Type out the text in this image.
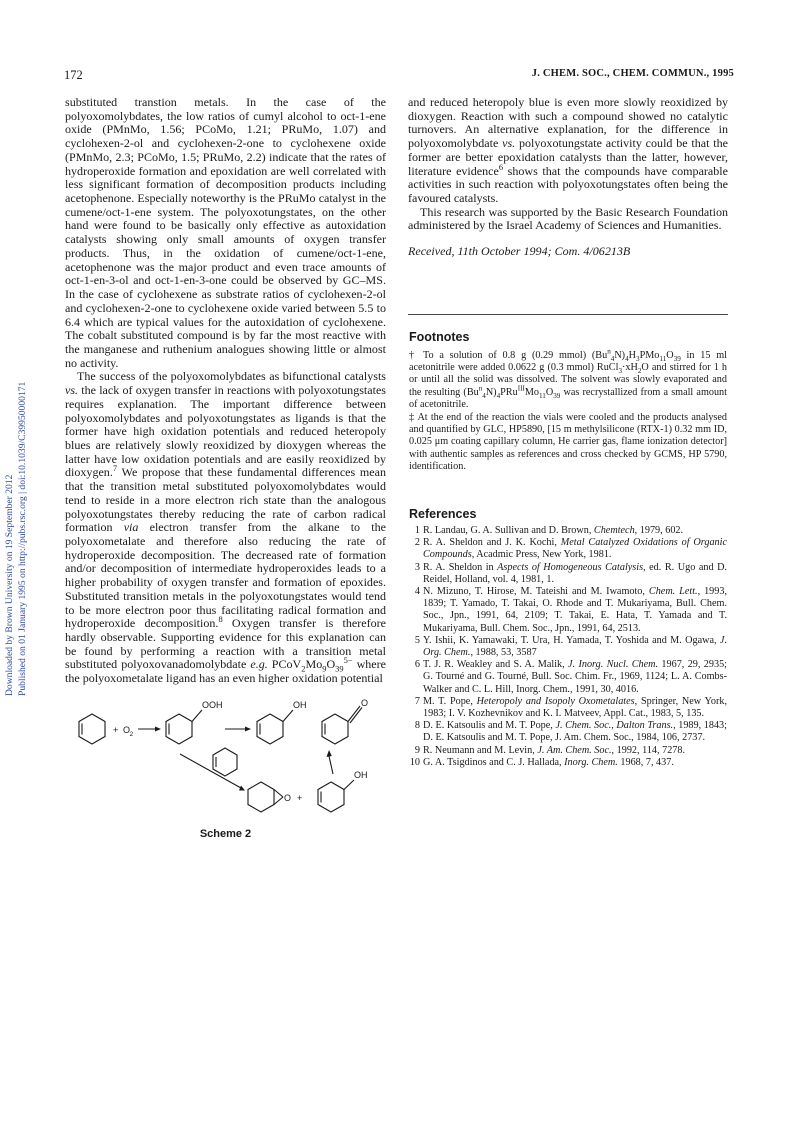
Downloaded by Brown University on 19 September 2012 Published on 01 January 1995 on http://pubs.rsc.org | doi:10.1039/C39950000171
172	J. CHEM. SOC., CHEM. COMMUN., 1995

substituted transtion metals. In the case of the polyoxomolybdates, the low ratios of cumyl alcohol to oct-1-ene oxide (PMnMo, 1.56; PCoMo, 1.21; PRuMo, 1.07) and cyclohexen-2-ol and cyclohexen-2-one to cyclohexene oxide (PMnMo, 2.3; PCoMo, 1.5; PRuMo, 2.2) indicate that the rates of hydroperoxide formation and epoxidation are well correlated with less significant formation of decomposition products including acetophenone. Especially noteworthy is the PRuMo catalyst in the cumene/oct-1-ene system. The polyoxotungstates, on the other hand were found to be basically only effective as autoxidation catalysts showing only small amounts of oxygen transfer products. Thus, in the oxidation of cumene/oct-1-ene, acetophenone was the major product and even trace amounts of oct-1-en-3-ol and oct-1-en-3-one could be observed by GC–MS. In the case of cyclohexene as substrate ratios of cyclohexen-2-ol and cyclohexen-2-one to cyclohexene oxide varied between 5.5 to 6.4 which are typical values for the autoxidation of cyclohexene. The cobalt substituted compound is by far the most reactive with the manganese and ruthenium analogues showing little or almost no activity.

The success of the polyoxomolybdates as bifunctional catalysts vs. the lack of oxygen transfer in reactions with polyoxotungstates requires explanation. The important difference between polyoxomolybdates and polyoxotungstates as ligands is that the former have high oxidation potentials and reduced heteropoly blues are relatively slowly reoxidized by dioxygen whereas the latter have low oxidation potentials and are easily reoxidized by dioxygen.$^7$ We propose that these fundamental differences mean that the transition metal substituted polyoxomolybdates would tend to reside in a more electron rich state than the analogous polyoxotungstates thereby reducing the rate of carbon radical formation via electron transfer from the alkane to the polyoxometalate and therefore also reducing the rate of hydroperoxide decomposition. The decreased rate of formation and/or decomposition of intermediate hydroperoxides leads to a higher probability of oxygen transfer and formation of epoxides. Substituted transition metals in the polyoxotungstates would tend to be more electron poor thus facilitating radical formation and hydroperoxide decomposition.$^8$ Oxygen transfer is therefore hardly observable. Supporting evidence for this explanation can be found by performing a reaction with a transition metal substituted polyoxovanadomolybdate e.g. $PCoV_2Mo_9O_{39}^{5-}$ where the polyoxometalate ligand has an even higher oxidation potential

+ O 2
OOH	OH	O
O +
OH
Scheme 2

and reduced heteropoly blue is even more slowly reoxidized by dioxygen. Reaction with such a compound showed no catalytic turnovers. An alternative explanation, for the difference in polyoxomolybdate vs. polyoxotungstate activity could be that the former are better epoxidation catalysts than the latter, however, literature evidence$^6$ shows that the compounds have comparable activities in such reaction with polyoxotungstates often being the favoured catalysts.

This research was supported by the Basic Research Foundation administered by the Israel Academy of Sciences and Humanities.

Received, 11th October 1994; Com. 4/06213B

Footnotes

† To a solution of 0.8 g (0.29 mmol) $(Bu^n_4N)_4H_3PMo_{11}O_{39}$ in 15 ml acetonitrile were added 0.0622 g (0.3 mmol) $RuCl_3\cdot xH_2O$ and stirred for 1 h or until all the solid was dissolved. The solvent was slowly evaporated and the resulting $(Bu^n_4N)_4PRu^{III}Mo_{11}O_{39}$ was recrystallized from a small amount of acetonitrile.

‡ At the end of the reaction the vials were cooled and the products analysed and quantified by GLC, HP5890, [15 m methylsilicone (RTX-1) 0.32 mm ID, 0.025 μm coating capillary column, He carrier gas, flame ionization detector] with authentic samples as references and cross checked by GCMS, HP 5790, identification.

References
1 R. Landau, G. A. Sullivan and D. Brown, Chemtech, 1979, 602.
2 R. A. Sheldon and J. K. Kochi, Metal Catalyzed Oxidations of Organic Compounds, Acadmic Press, New York, 1981.
3 R. A. Sheldon in Aspects of Homogeneous Catalysis, ed. R. Ugo and D. Reidel, Holland, vol. 4, 1981, 1.
4 N. Mizuno, T. Hirose, M. Tateishi and M. Iwamoto, Chem. Lett., 1993, 1839; T. Yamado, T. Takai, O. Rhode and T. Mukariyama, Bull. Chem. Soc., Jpn., 1991, 64, 2109; T. Takai, E. Hata, T. Yamada and T. Mukariyama, Bull. Chem. Soc., Jpn., 1991, 64, 2513.
5 Y. Ishii, K. Yamawaki, T. Ura, H. Yamada, T. Yoshida and M. Ogawa, J. Org. Chem., 1988, 53, 3587
6 T. J. R. Weakley and S. A. Malik, J. Inorg. Nucl. Chem. 1967, 29, 2935; G. Tourné and G. Tourné, Bull. Soc. Chim. Fr., 1969, 1124; L. A. Combs-Walker and C. L. Hill, Inorg. Chem., 1991, 30, 4016.
7 M. T. Pope, Heteropoly and Isopoly Oxometalates, Springer, New York, 1983; I. V. Kozhevnikov and K. I. Matveev, Appl. Cat., 1983, 5, 135.
8 D. E. Katsoulis and M. T. Pope, J. Chem. Soc., Dalton Trans., 1989, 1843; D. E. Katsoulis and M. T. Pope, J. Am. Chem. Soc., 1984, 106, 2737.
9 R. Neumann and M. Levin, J. Am. Chem. Soc., 1992, 114, 7278.
10 G. A. Tsigdinos and C. J. Hallada, Inorg. Chem. 1968, 7, 437.
